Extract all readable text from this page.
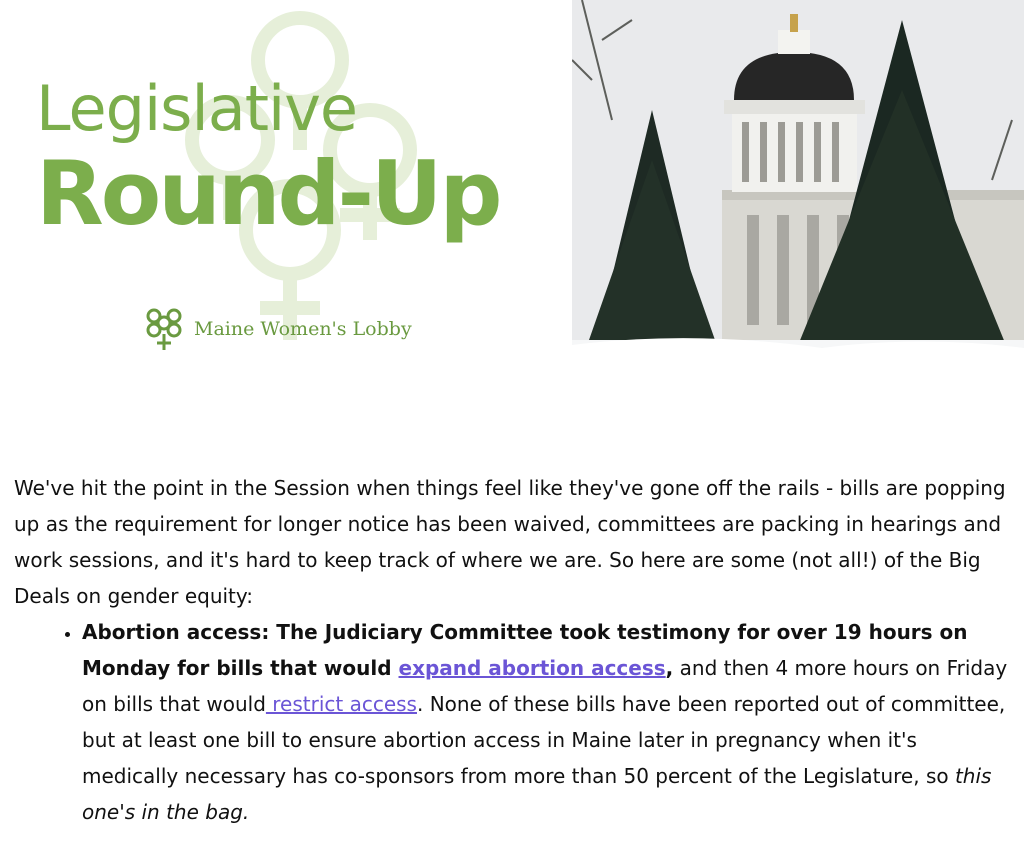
Legislative
Round-Up
Maine Women's Lobby

We've hit the point in the Session when things feel like they've gone off the rails - bills are popping up as the requirement for longer notice has been waived, committees are packing in hearings and work sessions, and it's hard to keep track of where we are. So here are some (not all!) of the Big Deals on gender equity:

• Abortion access: The Judiciary Committee took testimony for over 19 hours on Monday for bills that would expand abortion access, and then 4 more hours on Friday on bills that would restrict access. None of these bills have been reported out of committee, but at least one bill to ensure abortion access in Maine later in pregnancy when it's medically necessary has co-sponsors from more than 50 percent of the Legislature, so this one's in the bag.
